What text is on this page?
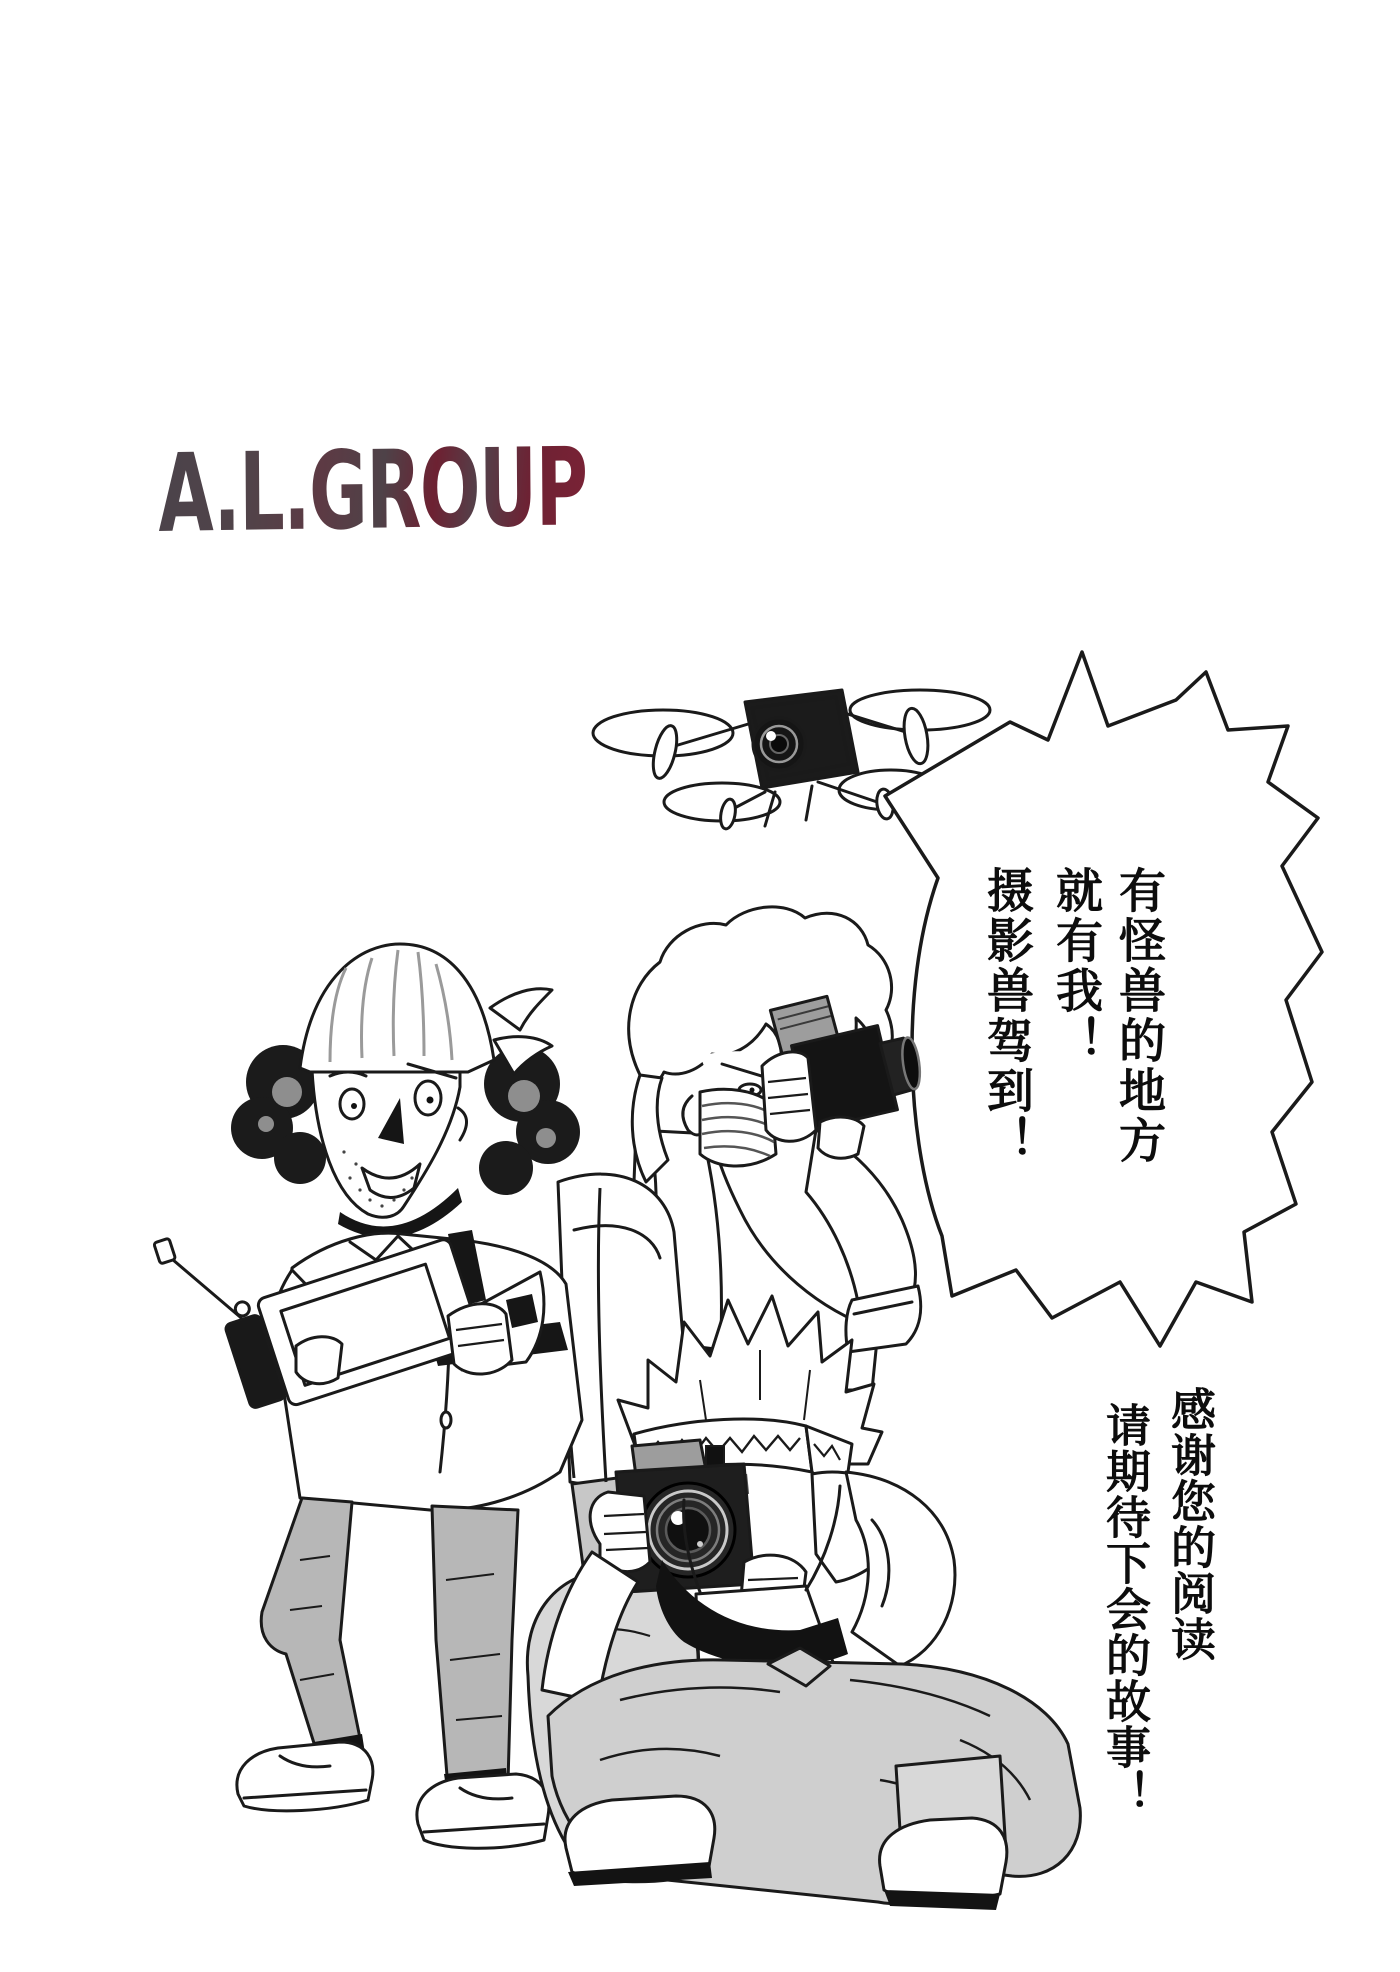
A.L.GROUP
有怪兽的地方
就有我！
摄影兽驾到！
感谢您的阅读
请期待下会的故事！
